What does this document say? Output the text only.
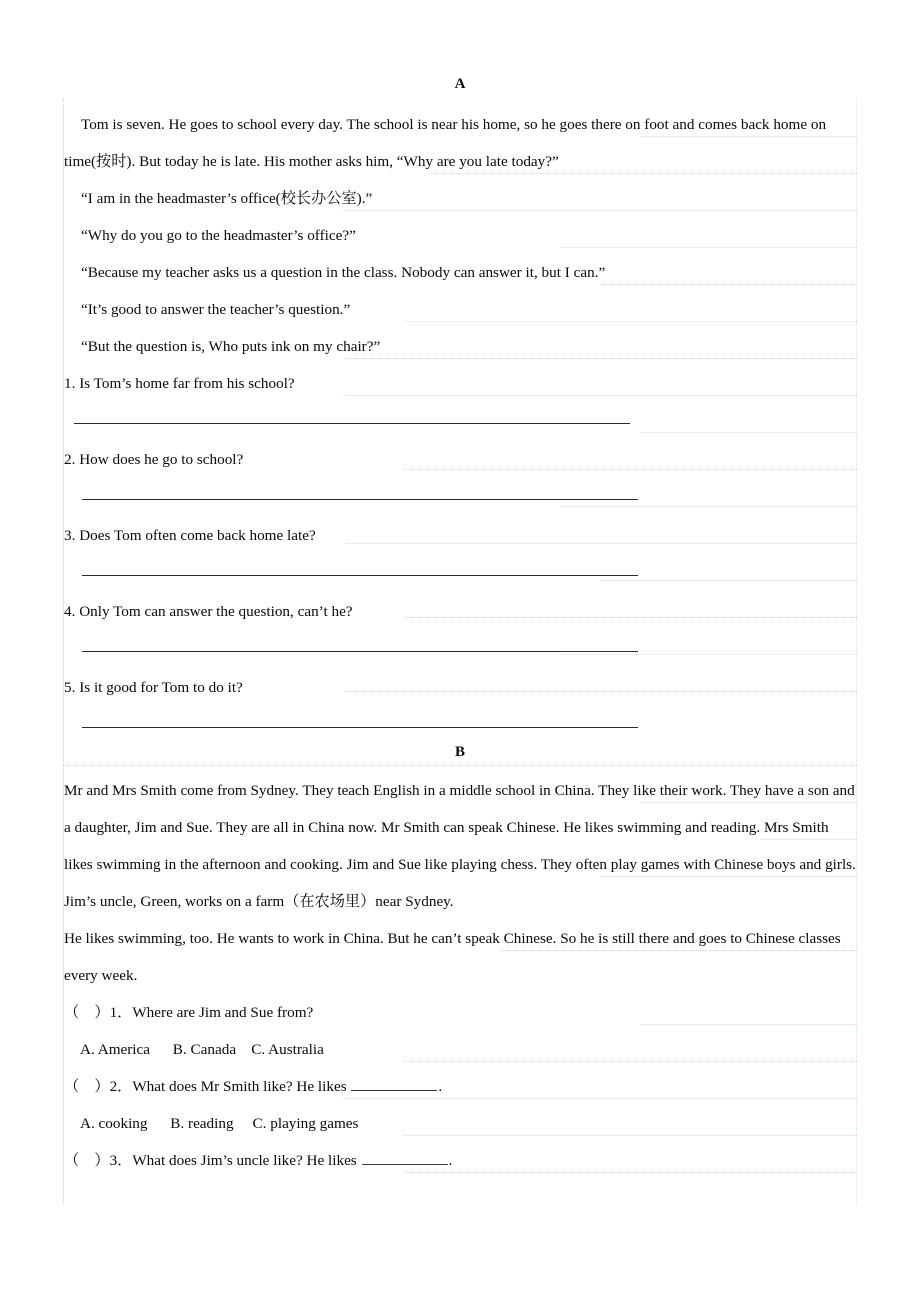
A

Tom is seven. He goes to school every day. The school is near his home, so he goes there on foot and comes back home on time(按时). But today he is late. His mother asks him, “Why are you late today?”

“I am in the headmaster’s office(校长办公室).”

“Why do you go to the headmaster’s office?”

“Because my teacher asks us a question in the class. Nobody can answer it, but I can.”

“It’s good to answer the teacher’s question.”

“But the question is, Who puts ink on my chair?”

1. Is Tom’s home far from his school?

2. How does he go to school?

3. Does Tom often come back home late?

4. Only Tom can answer the question, can’t he?

5. Is it good for Tom to do it?

B

Mr and Mrs Smith come from Sydney. They teach English in a middle school in China. They like their work. They have a son and a daughter, Jim and Sue. They are all in China now. Mr Smith can speak Chinese. He likes swimming and reading. Mrs Smith likes swimming in the afternoon and cooking. Jim and Sue like playing chess. They often play games with Chinese boys and girls.

Jim’s uncle, Green, works on a farm（在农场里）near Sydney.

He likes swimming, too. He wants to work in China. But he can’t speak Chinese. So he is still there and goes to Chinese classes every week.

（    ）1．Where are Jim and Sue from?

A. America B. Canada C. Australia

（    ）2．What does Mr Smith like? He likes	.

A. cooking B. reading C. playing games

（    ）3．What does Jim’s uncle like? He likes	.
